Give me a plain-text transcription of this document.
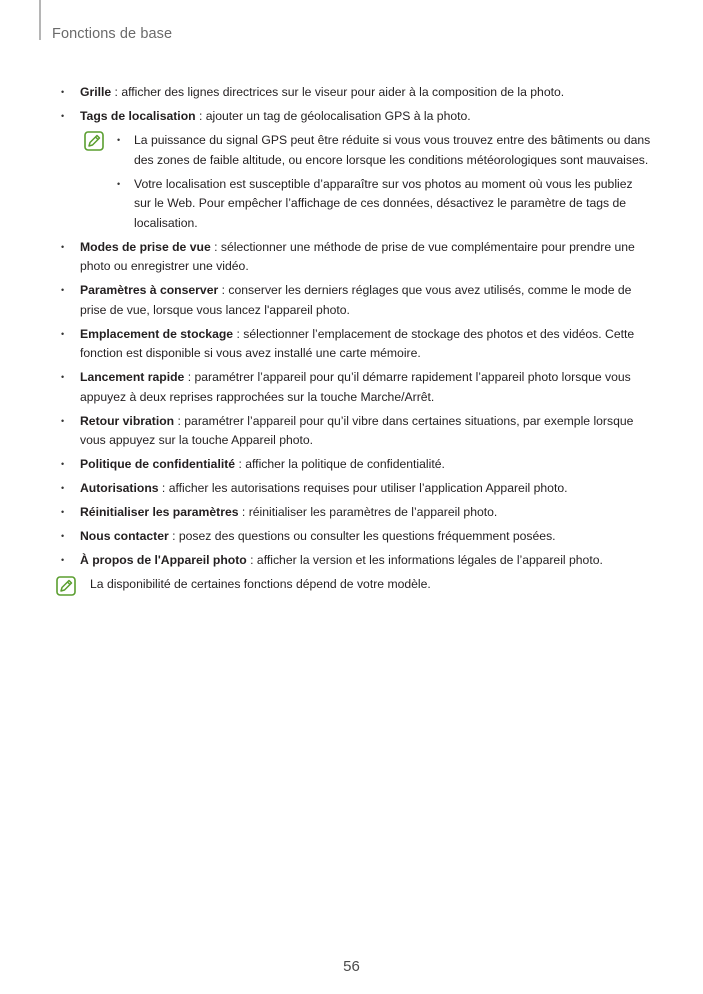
Fonctions de base
• Grille : afficher des lignes directrices sur le viseur pour aider à la composition de la photo.
• Tags de localisation : ajouter un tag de géolocalisation GPS à la photo.
• La puissance du signal GPS peut être réduite si vous vous trouvez entre des bâtiments ou dans des zones de faible altitude, ou encore lorsque les conditions météorologiques sont mauvaises.
• Votre localisation est susceptible d’apparaître sur vos photos au moment où vous les publiez sur le Web. Pour empêcher l’affichage de ces données, désactivez le paramètre de tags de localisation.
• Modes de prise de vue : sélectionner une méthode de prise de vue complémentaire pour prendre une photo ou enregistrer une vidéo.
• Paramètres à conserver : conserver les derniers réglages que vous avez utilisés, comme le mode de prise de vue, lorsque vous lancez l'appareil photo.
• Emplacement de stockage : sélectionner l’emplacement de stockage des photos et des vidéos. Cette fonction est disponible si vous avez installé une carte mémoire.
• Lancement rapide : paramétrer l’appareil pour qu’il démarre rapidement l’appareil photo lorsque vous appuyez à deux reprises rapprochées sur la touche Marche/Arrêt.
• Retour vibration : paramétrer l’appareil pour qu’il vibre dans certaines situations, par exemple lorsque vous appuyez sur la touche Appareil photo.
• Politique de confidentialité : afficher la politique de confidentialité.
• Autorisations : afficher les autorisations requises pour utiliser l’application Appareil photo.
• Réinitialiser les paramètres : réinitialiser les paramètres de l’appareil photo.
• Nous contacter : posez des questions ou consulter les questions fréquemment posées.
• À propos de l'Appareil photo : afficher la version et les informations légales de l’appareil photo.
La disponibilité de certaines fonctions dépend de votre modèle.
56
